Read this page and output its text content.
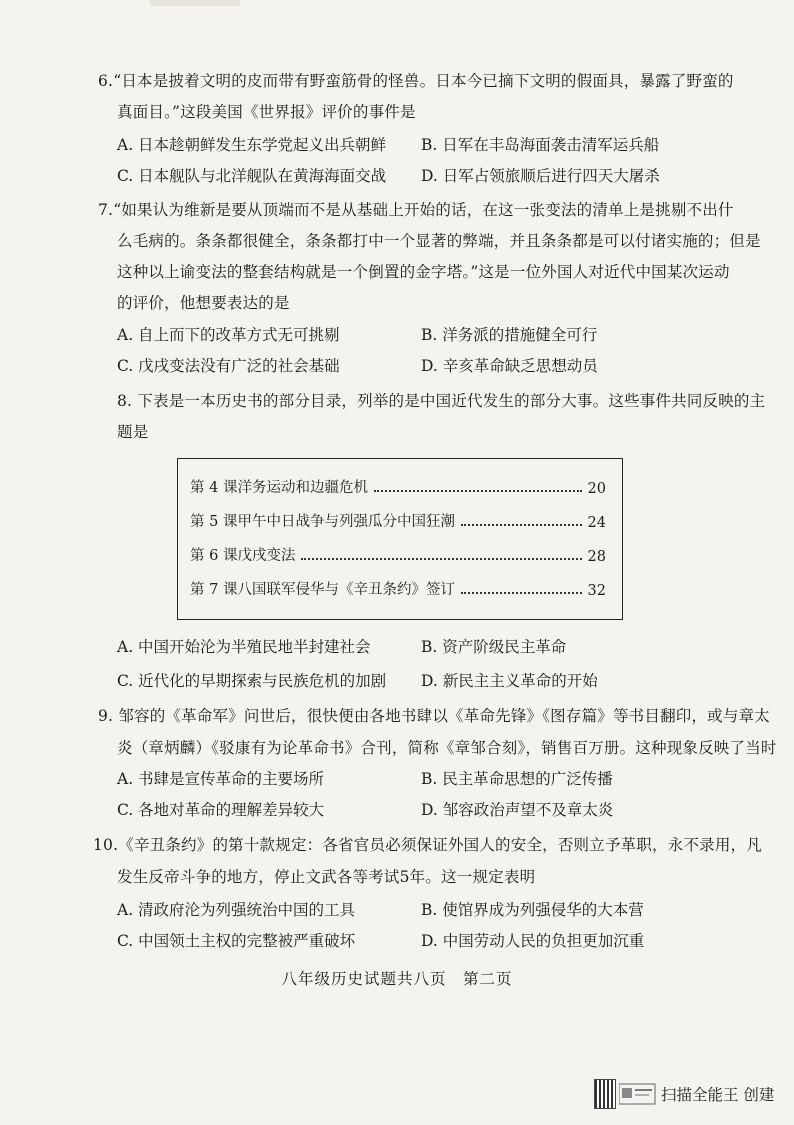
6.“日本是披着文明的皮而带有野蛮筋骨的怪兽。日本今已摘下文明的假面具，暴露了野蛮的
真面目。”这段美国《世界报》评价的事件是
A. 日本趁朝鲜发生东学党起义出兵朝鲜 B. 日军在丰岛海面袭击清军运兵船
C. 日本舰队与北洋舰队在黄海海面交战 D. 日军占领旅顺后进行四天大屠杀
7.“如果认为维新是要从顶端而不是从基础上开始的话，在这一张变法的清单上是挑剔不出什
么毛病的。条条都很健全，条条都打中一个显著的弊端，并且条条都是可以付诸实施的；但是
这种以上谕变法的整套结构就是一个倒置的金字塔。”这是一位外国人对近代中国某次运动
的评价，他想要表达的是
A. 自上而下的改革方式无可挑剔	B. 洋务派的措施健全可行
C. 戊戌变法没有广泛的社会基础	D. 辛亥革命缺乏思想动员
8. 下表是一本历史书的部分目录，列举的是中国近代发生的部分大事。这些事件共同反映的主
题是
第 4 课洋务运动和边疆危机	20
第 5 课甲午中日战争与列强瓜分中国狂潮	24
第 6 课戊戌变法	28
第 7 课八国联军侵华与《辛丑条约》签订	32
A. 中国开始沦为半殖民地半封建社会	B. 资产阶级民主革命
C. 近代化的早期探索与民族危机的加剧 D. 新民主主义革命的开始
9. 邹容的《革命军》问世后，很快便由各地书肆以《革命先锋》《图存篇》等书目翻印，或与章太
炎（章炳麟）《驳康有为论革命书》合刊，简称《章邹合刻》，销售百万册。这种现象反映了当时
A. 书肆是宣传革命的主要场所	B. 民主革命思想的广泛传播
C. 各地对革命的理解差异较大	D. 邹容政治声望不及章太炎
10.《辛丑条约》的第十款规定：各省官员必须保证外国人的安全，否则立予革职，永不录用，凡
发生反帝斗争的地方，停止文武各等考试5年。这一规定表明
A. 清政府沦为列强统治中国的工具	B. 使馆界成为列强侵华的大本营
C. 中国领土主权的完整被严重破坏	D. 中国劳动人民的负担更加沉重
八年级历史试题共八页　第二页
扫描全能王 创建
